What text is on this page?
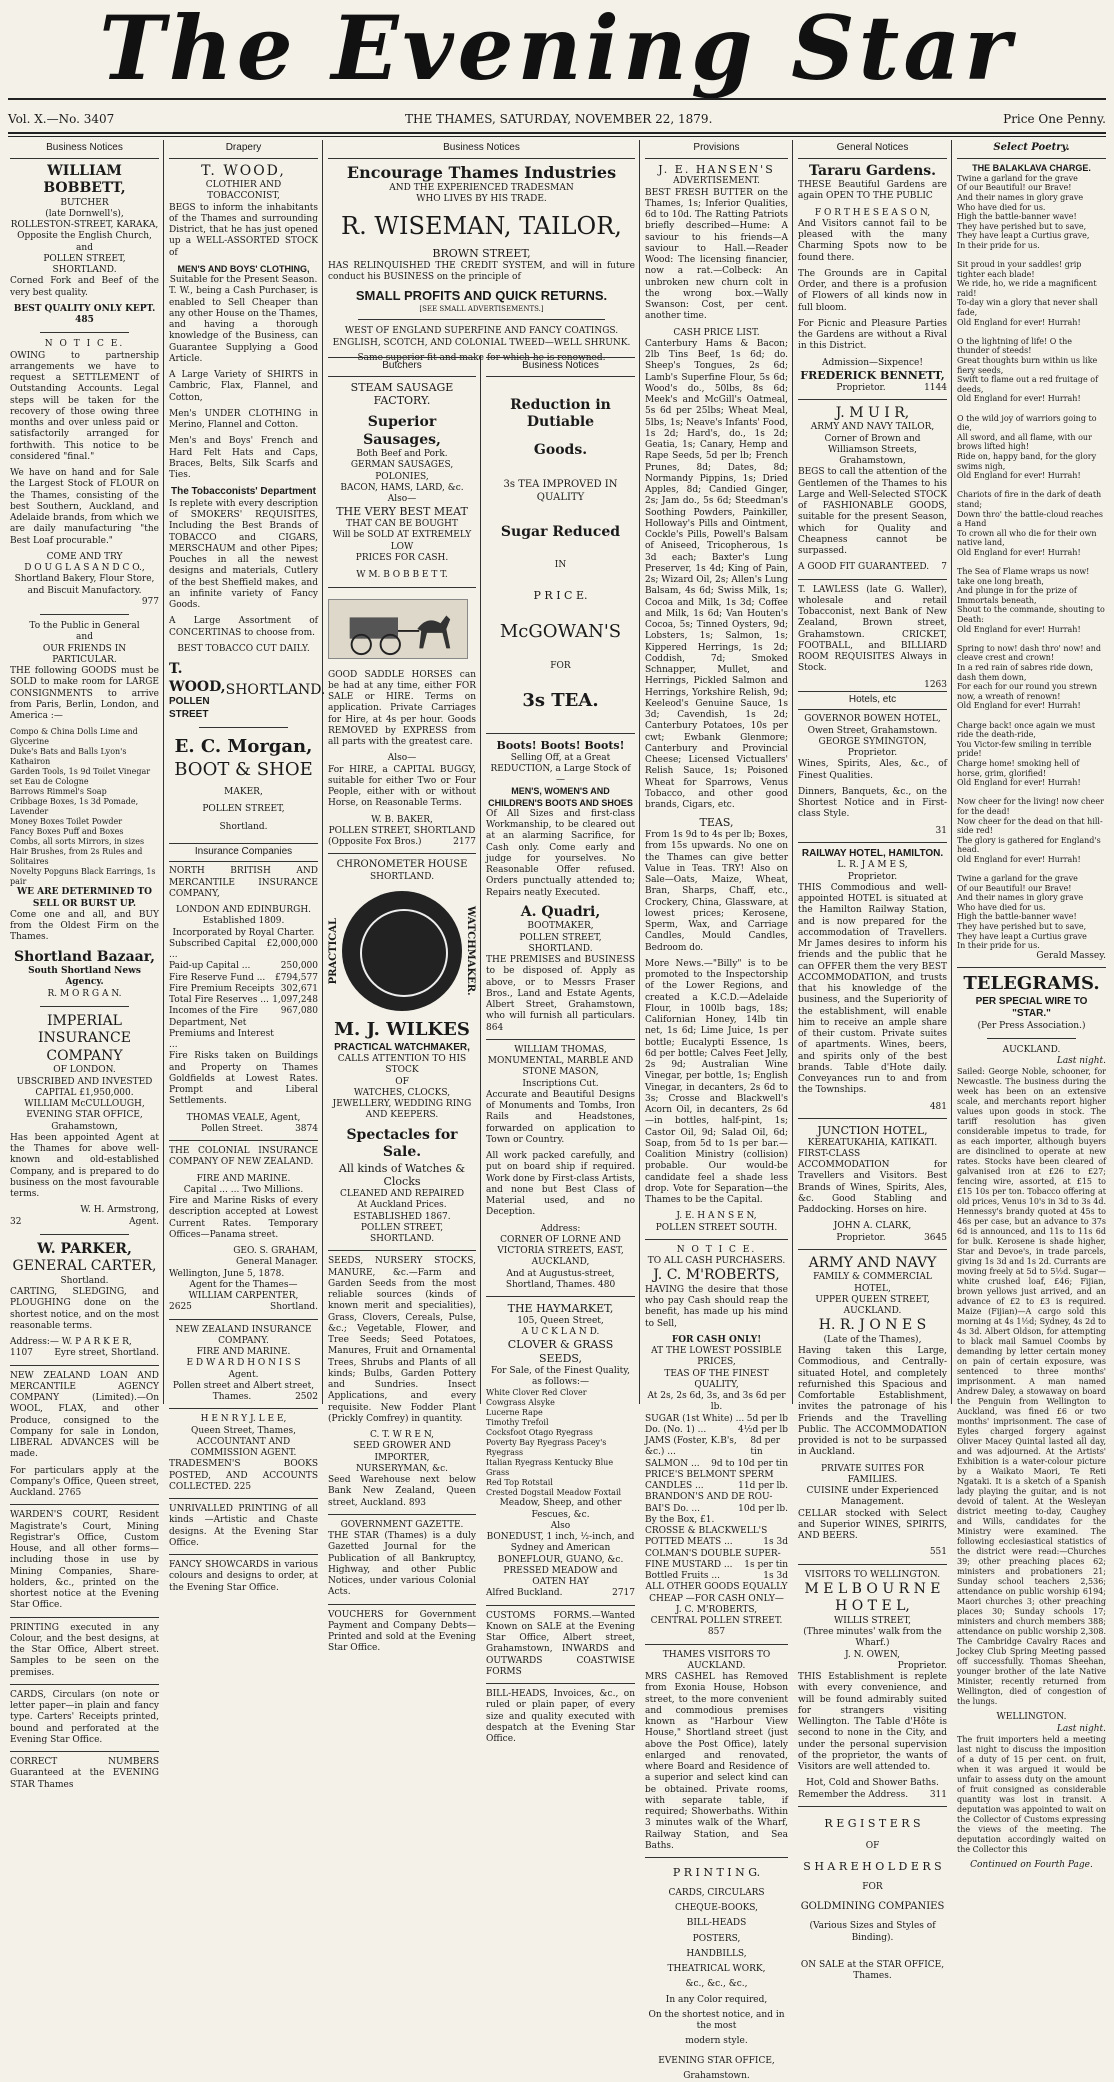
The Evening Star
Vol. X.—No. 3407	THE THAMES, SATURDAY, NOVEMBER 22, 1879.	Price One Penny.
Business Notices
WILLIAM BOBBETT,
BUTCHER
(late Dornwell's),
ROLLESTON-STREET, KARAKA,
Opposite the English Church,
and
POLLEN STREET, SHORTLAND.
Corned Fork and Beef of the very best quality.
BEST QUALITY ONLY KEPT. 485
N O T I C E.
OWING to partnership arrangements we have to request a SETTLEMENT of Outstanding Accounts. Legal steps will be taken for the recovery of those owing three months and over unless paid or satisfactorily arranged for forthwith. This notice to be considered "final."
We have on hand and for Sale the Largest Stock of FLOUR on the Thames, consisting of the best Southern, Auckland, and Adelaide brands, from which we are daily manufacturing "the Best Loaf procurable."
COME AND TRY
D O U G L A S A N D C O.,
Shortland Bakery, Flour Store,
and Biscuit Manufactory.
977
To the Public in General
and
OUR FRIENDS IN PARTICULAR.
THE following GOODS must be SOLD to make room for LARGE CONSIGNMENTS to arrive from Paris, Berlin, London, and America :—
Compo & China Dolls Lime and Glycerine
Duke's Bats and Balls Lyon's Kathairon
Garden Tools, 1s 9d Toilet Vinegar
set Eau de Cologne
Barrows Rimmel's Soap
Cribbage Boxes, 1s 3d Pomade, Lavender
Money Boxes Toilet Powder
Fancy Boxes Puff and Boxes
Combs, all sorts Mirrors, in sizes
Hair Brushes, from 2s Rules and Solitaires
Novelty Popguns Black Earrings, 1s pair
WE ARE DETERMINED TO SELL OR BURST UP.
Come one and all, and BUY from the Oldest Firm on the Thames.
Shortland Bazaar,
South Shortland News Agency.
R. M O R G A N.
IMPERIAL
INSURANCE COMPANY
OF LONDON.
UBSCRIBED AND INVESTED
CAPITAL £1,950,000.
WILLIAM McCULLOUGH,
EVENING STAR OFFICE,
Grahamstown,
Has been appointed Agent at the Thames for above well-known and old-established Company, and is prepared to do business on the most favourable terms.
W. H. Armstrong,
32	Agent.
W. PARKER,
GENERAL CARTER,
Shortland.
CARTING, SLEDGING, and PLOUGHING done on the shortest notice, and on the most reasonable terms.
Address:— W. P A R K E R,
1107 Eyre street, Shortland.
NEW ZEALAND LOAN AND MERCANTILE AGENCY COMPANY (Limited).—On WOOL, FLAX, and other Produce, consigned to the Company for sale in London, LIBERAL ADVANCES will be made.
For particulars apply at the Company's Office, Queen street, Auckland. 2765
WARDEN'S COURT, Resident Magistrate's Court, Mining Registrar's Office, Custom House, and all other forms—including those in use by Mining Companies, Share-holders, &c., printed on the shortest notice at the Evening Star Office.
PRINTING executed in any Colour, and the best designs, at the Star Office, Albert street. Samples to be seen on the premises.
CARDS, Circulars (on note or letter paper—in plain and fancy type. Carters' Receipts printed, bound and perforated at the Evening Star Office.
CORRECT NUMBERS Guaranteed at the EVENING STAR Thames
Drapery
T. WOOD,
CLOTHIER AND TOBACCONIST,
BEGS to inform the inhabitants of the Thames and surrounding District, that he has just opened up a WELL-ASSORTED STOCK of
MEN'S AND BOYS' CLOTHING,
Suitable for the Present Season.
T. W., being a Cash Purchaser, is enabled to Sell Cheaper than any other House on the Thames, and having a thorough knowledge of the Business, can Guarantee Supplying a Good Article.
A Large Variety of SHIRTS in Cambric, Flax, Flannel, and Cotton,
Men's UNDER CLOTHING in Merino, Flannel and Cotton.
Men's and Boys' French and Hard Felt Hats and Caps, Braces, Belts, Silk Scarfs and Ties.
The Tobacconists' Department
Is replete with every description of SMOKERS' REQUISITES, Including the Best Brands of TOBACCO and CIGARS, MERSCHAUM and other Pipes; Pouches in all the newest designs and materials, Cutlery of the best Sheffield makes, and an infinite variety of Fancy Goods.
A Large Assortment of CONCERTINAS to choose from.
BEST TOBACCO CUT DAILY.
T. WOOD,
POLLEN STREET
SHORTLAND.
E. C. Morgan,
BOOT & SHOE
MAKER,
POLLEN STREET,
Shortland.
Insurance Companies
NORTH BRITISH AND MERCANTILE INSURANCE COMPANY,
LONDON AND EDINBURGH.
Established 1809.
Incorporated by Royal Charter.
Subscribed Capital ...
£2,000,000
Paid-up Capital ...	250,000
Fire Reserve Fund ... £794,577
Fire Premium Receipts 302,671
Total Fire Reserves ... 1,097,248
Incomes of the Fire Department, Net Premiums and Interest ...
967,080
Fire Risks taken on Buildings and Property on Thames Goldfields at Lowest Rates. Prompt and Liberal Settlements.
THOMAS VEALE, Agent,
Pollen Street.	3874
THE COLONIAL INSURANCE COMPANY OF NEW ZEALAND.
FIRE AND MARINE.
Capital ... ... Two Millions.
Fire and Marine Risks of every description accepted at Lowest Current Rates. Temporary Offices—Panama street.
GEO. S. GRAHAM,
General Manager.
Wellington, June 5, 1878.
Agent for the Thames—
WILLIAM CARPENTER,
2625	Shortland.
NEW ZEALAND INSURANCE COMPANY.
FIRE AND MARINE.
E D W A R D H O N I S S
Agent.
Pollen street and Albert street,
Thames.	2502
H E N R Y J. L E E,
Queen Street, Thames,
ACCOUNTANT AND COMMISSION AGENT.
TRADESMEN'S BOOKS POSTED, AND ACCOUNTS COLLECTED. 225
UNRIVALLED PRINTING of all kinds —Artistic and Chaste designs. At the Evening Star Office.
FANCY SHOWCARDS in various colours and designs to order, at the Evening Star Office.
Business Notices
Encourage Thames Industries
AND THE EXPERIENCED TRADESMAN
WHO LIVES BY HIS TRADE.
R. WISEMAN, TAILOR,
BROWN STREET,
HAS RELINQUISHED THE CREDIT SYSTEM, and will in future conduct his BUSINESS on the principle of
SMALL PROFITS AND QUICK RETURNS.
[SEE SMALL ADVERTISEMENTS.]
WEST OF ENGLAND SUPERFINE AND FANCY COATINGS. ENGLISH, SCOTCH, AND COLONIAL TWEED—WELL SHRUNK.
Same superior fit and make for which he is renowned.
Butchers
STEAM SAUSAGE FACTORY.
Superior Sausages,
Both Beef and Pork.
GERMAN SAUSAGES, POLONIES,
BACON, HAMS, LARD, &c.
Also—
THE VERY BEST MEAT
THAT CAN BE BOUGHT
Will be SOLD AT EXTREMELY LOW
PRICES FOR CASH.
W M. B O B B E T T.
GOOD SADDLE HORSES can be had at any time, either FOR SALE or HIRE. Terms on application. Private Carriages for Hire, at 4s per hour. Goods REMOVED by EXPRESS from all parts with the greatest care.
Also—
For HIRE, a CAPITAL BUGGY, suitable for either Two or Four People, either with or without Horse, on Reasonable Terms.
W. B. BAKER,
POLLEN STREET, SHORTLAND
(Opposite Fox Bros.)	2177
CHRONOMETER HOUSE
SHORTLAND.
PRACTICAL	WATCHMAKER.
M. J. WILKES
PRACTICAL WATCHMAKER,
CALLS ATTENTION TO HIS STOCK
OF
WATCHES, CLOCKS, JEWELLERY, WEDDING RING AND KEEPERS.
Spectacles for Sale.
All kinds of Watches & Clocks
CLEANED AND REPAIRED
At Auckland Prices.
ESTABLISHED 1867.
POLLEN STREET, SHORTLAND.
SEEDS, NURSERY STOCKS, MANURE, &c.—Farm and Garden Seeds from the most reliable sources (kinds of known merit and specialities), Grass, Clovers, Cereals, Pulse, &c.; Vegetable, Flower, and Tree Seeds; Seed Potatoes, Manures, Fruit and Ornamental Trees, Shrubs and Plants of all kinds; Bulbs, Garden Pottery and Sundries. Insect Applications, and every requisite. New Fodder Plant (Prickly Comfrey) in quantity.
C. T. W R E N,
SEED GROWER AND IMPORTER,
NURSERYMAN, &c.
Seed Warehouse next below Bank New Zealand, Queen street, Auckland. 893
GOVERNMENT GAZETTE.
THE STAR (Thames) is a duly Gazetted Journal for the Publication of all Bankruptcy, Highway, and other Public Notices, under various Colonial Acts.
VOUCHERS for Government Payment and Company Debts—Printed and sold at the Evening Star Office.
Business Notices
Reduction in Dutiable
Goods.
3s TEA IMPROVED IN QUALITY
Sugar Reduced
IN
P R I C E.
McGOWAN'S
FOR
3s TEA.
Boots! Boots! Boots!
Selling Off, at a Great REDUCTION, a Large Stock of—
MEN'S, WOMEN'S AND CHILDREN'S BOOTS AND SHOES
Of All Sizes and first-class Workmanship, to be cleared out at an alarming Sacrifice, for Cash only. Come early and judge for yourselves. No Reasonable Offer refused. Orders punctually attended to; Repairs neatly Executed.
A. Quadri,
BOOTMAKER,
POLLEN STREET, SHORTLAND.
THE PREMISES and BUSINESS to be disposed of. Apply as above, or to Messrs Fraser Bros., Land and Estate Agents, Albert Street, Grahamstown, who will furnish all particulars. 864
WILLIAM THOMAS,
MONUMENTAL, MARBLE AND STONE MASON,
Inscriptions Cut.
Accurate and Beautiful Designs of Monuments and Tombs, Iron Rails and Headstones, forwarded on application to Town or Country.
All work packed carefully, and put on board ship if required. Work done by First-class Artists, and none but Best Class of Material used, and no Deception.
Address:
CORNER OF LORNE AND VICTORIA STREETS, EAST, AUCKLAND,
And at Augustus-street, Shortland, Thames. 480
THE HAYMARKET,
105, Queen Street,
A U C K L A N D.
CLOVER & GRASS SEEDS,
For Sale, of the Finest Quality,
as follows:—
White Clover Red Clover
Cowgrass Alsyke
Lucerne Rape
Timothy Trefoil
Cocksfoot Otago Ryegrass
Poverty Bay Ryegrass Pacey's Ryegrass
Italian Ryegrass Kentucky Blue Grass
Red Top Rotstail
Crested Dogstail Meadow Foxtail
Meadow, Sheep, and other Fescues, &c.
Also
BONEDUST, 1 inch, ½-inch, and Sydney and American BONEFLOUR, GUANO, &c. PRESSED MEADOW and OATEN HAY
Alfred Buckland.	2717
CUSTOMS FORMS.—Wanted Known on SALE at the Evening Star Office, Albert street, Grahamstown, INWARDS and OUTWARDS COASTWISE FORMS
BILL-HEADS, Invoices, &c., on ruled or plain paper, of every size and quality executed with despatch at the Evening Star Office.
Provisions
J. E. HANSEN'S
ADVERTISEMENT.
BEST FRESH BUTTER on the Thames, 1s; Inferior Qualities, 6d to 10d. The Ratting Patriots briefly described—Hume: A saviour to his friends—A saviour to Hall.—Reader Wood: The licensing financier, now a rat.—Colbeck: An unbroken new churn colt in the wrong box.—Wally Swanson: Cost, per cent. another time.
CASH PRICE LIST.
Canterbury Hams & Bacon; 2lb Tins Beef, 1s 6d; do. Sheep's Tongues, 2s 6d; Lamb's Superfine Flour, 5s 6d; Wood's do., 50lbs, 8s 6d; Meek's and McGill's Oatmeal, 5s 6d per 25lbs; Wheat Meal, 5lbs, 1s; Neave's Infants' Food, 1s 2d; Hard's, do., 1s 2d; Geatia, 1s; Canary, Hemp and Rape Seeds, 5d per lb; French Prunes, 8d; Dates, 8d; Normandy Pippins, 1s; Dried Apples, 8d; Candied Ginger, 2s; Jam do., 5s 6d; Steedman's Soothing Powders, Painkiller, Holloway's Pills and Ointment, Cockle's Pills, Powell's Balsam of Aniseed, Tricopherous, 1s 3d each; Baxter's Lung Preserver, 1s 4d; King of Pain, 2s; Wizard Oil, 2s; Allen's Lung Balsam, 4s 6d; Swiss Milk, 1s; Cocoa and Milk, 1s 3d; Coffee and Milk, 1s 6d; Van Houten's Cocoa, 5s; Tinned Oysters, 9d; Lobsters, 1s; Salmon, 1s; Kippered Herrings, 1s 2d; Coddish, 7d; Smoked Schnapper, Mullet, and Herrings, Pickled Salmon and Herrings, Yorkshire Relish, 9d; Keeleod's Genuine Sauce, 1s 3d; Cavendish, 1s 2d; Canterbury Potatoes, 10s per cwt; Ewbank Glenmore; Canterbury and Provincial Cheese; Licensed Victuallers' Relish Sauce, 1s; Poisoned Wheat for Sparrows, Venus Tobacco, and other good brands, Cigars, etc.
TEAS,
From 1s 9d to 4s per lb; Boxes, from 15s upwards. No one on the Thames can give better Value in Teas. TRY! Also on Sale—Oats, Maize, Wheat, Bran, Sharps, Chaff, etc., Crockery, China, Glassware, at lowest prices; Kerosene, Sperm, Wax, and Carriage Candles, Mould Candles, Bedroom do.
More News.—"Billy" is to be promoted to the Inspectorship of the Lower Regions, and created a K.C.D.—Adelaide Flour, in 100lb bags, 18s; Californian Honey, 14lb tin net, 1s 6d; Lime Juice, 1s per bottle; Eucalypti Essence, 1s 6d per bottle; Calves Feet Jelly, 2s 9d; Australian Wine Vinegar, per bottle, 1s; English Vinegar, in decanters, 2s 6d to 3s; Crosse and Blackwell's Acorn Oil, in decanters, 2s 6d—in bottles, half-pint, 1s; Castor Oil, 9d; Salad Oil, 6d; Soap, from 5d to 1s per bar.—Coalition Ministry (collision) probable. Our would-be candidate feel a shade less drop. Vote for Separation—the Thames to be the Capital.
J. E. H A N S E N,
POLLEN STREET SOUTH.
N O T I C E.
TO ALL CASH PURCHASERS.
J. C. M'ROBERTS,
HAVING the desire that those who pay Cash should reap the benefit, has made up his mind to Sell,
FOR CASH ONLY!
AT THE LOWEST POSSIBLE PRICES,
TEAS OF THE FINEST QUALITY,
At 2s, 2s 6d, 3s, and 3s 6d per lb.
SUGAR (1st White) ... 5d per lb
Do. (No. 1) ...	4½d per lb
JAMS (Foster, K.B's, &c.) ...
8d per tin
SALMON ... 9d to 10d per tin
PRICE'S BELMONT SPERM
CANDLES ...	11d per lb.
BRANDON'S AND DE ROU-
BAI'S Do. ...	10d per lb.
By the Box, £1.
CROSSE & BLACKWELL'S
POTTED MEATS ...	1s 3d
COLMAN'S DOUBLE SUPER-
FINE MUSTARD ... 1s per tin
Bottled Fruits ...	1s 3d
ALL OTHER GOODS EQUALLY CHEAP —FOR CASH ONLY—
J. C. M'ROBERTS,
CENTRAL POLLEN STREET. 857
THAMES VISITORS TO AUCKLAND.
MRS CASHEL has Removed from Exonia House, Hobson street, to the more convenient and commodious premises known as "Harbour View House," Shortland street (just above the Post Office), lately enlarged and renovated, where Board and Residence of a superior and select kind can be obtained. Private rooms, with separate table, if required; Showerbaths. Within 3 minutes walk of the Wharf, Railway Station, and Sea Baths.
P R I N T I N G.
CARDS, CIRCULARS
CHEQUE-BOOKS,
BILL-HEADS
POSTERS,
HANDBILLS,
THEATRICAL WORK,
&c., &c., &c.,
In any Color required,
On the shortest notice, and in the most
modern style.
EVENING STAR OFFICE,
Grahamstown.
General Notices
Tararu Gardens.
THESE Beautiful Gardens are again OPEN TO THE PUBLIC
F O R T H E S E A S O N,
And Visitors cannot fail to be pleased with the many Charming Spots now to be found there.
The Grounds are in Capital Order, and there is a profusion of Flowers of all kinds now in full bloom.
For Picnic and Pleasure Parties the Gardens are without a Rival in this District.
Admission—Sixpence!
FREDERICK BENNETT,
Proprietor.	1144
J. M U I R,
ARMY AND NAVY TAILOR,
Corner of Brown and Williamson Streets, Grahamstown,
BEGS to call the attention of the Gentlemen of the Thames to his Large and Well-Selected STOCK of FASHIONABLE GOODS, suitable for the present Season, which for Quality and Cheapness cannot be surpassed.
A GOOD FIT GUARANTEED. 7
T. LAWLESS (late G. Waller), wholesale and retail Tobacconist, next Bank of New Zealand, Brown street, Grahamstown. CRICKET, FOOTBALL, and BILLIARD ROOM REQUISITES Always in Stock.
1263
Hotels, etc
GOVERNOR BOWEN HOTEL,
Owen Street, Grahamstown.
GEORGE SYMINGTON,
Proprietor.
Wines, Spirits, Ales, &c., of Finest Qualities.
Dinners, Banquets, &c., on the Shortest Notice and in First-class Style.
31
RAILWAY HOTEL, HAMILTON.
L. R. J A M E S,
Proprietor.
THIS Commodious and well-appointed HOTEL is situated at the Hamilton Railway Station, and is now prepared for the accommodation of Travellers. Mr James desires to inform his friends and the public that he can OFFER them the very BEST ACCOMMODATION, and trusts that his knowledge of the business, and the Superiority of the establishment, will enable him to receive an ample share of their custom. Private suites of apartments. Wines, beers, and spirits only of the best brands. Table d'Hote daily. Conveyances run to and from the Townships.
481
JUNCTION HOTEL,
KEREATUKAHIA, KATIKATI.
FIRST-CLASS ACCOMMODATION for Travellers and Visitors. Best Brands of Wines, Spirits, Ales, &c. Good Stabling and Paddocking. Horses on hire.
JOHN A. CLARK,
Proprietor.	3645
ARMY AND NAVY
FAMILY & COMMERCIAL
HOTEL,
UPPER QUEEN STREET, AUCKLAND.
H. R. J O N E S
(Late of the Thames),
Having taken this Large, Commodious, and Centrally-situated Hotel, and completely refurnished this Spacious and Comfortable Establishment, invites the patronage of his Friends and the Travelling Public. The ACCOMMODATION provided is not to be surpassed in Auckland.
PRIVATE SUITES FOR FAMILIES.
CUISINE under Experienced Management.
CELLAR stocked with Select and Superior WINES, SPIRITS, AND BEERS.
551
VISITORS TO WELLINGTON.
M E L B O U R N E H O T E L,
WILLIS STREET,
(Three minutes' walk from the Wharf.)
J. N. OWEN,
Proprietor.
THIS Establishment is replete with every convenience, and will be found admirably suited for strangers visiting Wellington. The Table d'Hôte is second to none in the City, and under the personal supervision of the proprietor, the wants of Visitors are well attended to.
Hot, Cold and Shower Baths.
Remember the Address. 311
R E G I S T E R S
OF
S H A R E H O L D E R S
FOR
GOLDMINING COMPANIES
(Various Sizes and Styles of Binding).
ON SALE at the STAR OFFICE,
Thames.
Select Poetry.
THE BALAKLAVA CHARGE.
Twine a garland for the grave
Of our Beautiful! our Brave!
And their names in glory grave
Who have died for us.
High the battle-banner wave!
They have perished but to save,
They have leapt a Curtius grave,
In their pride for us.

Sit proud in your saddles! grip tighter each blade!
We ride, ho, we ride a magnificent raid!
To-day win a glory that never shall fade,
Old England for ever! Hurrah!

O the lightning of life! O the thunder of steeds!
Great thoughts burn within us like fiery seeds,
Swift to flame out a red fruitage of deeds,
Old England for ever! Hurrah!

O the wild joy of warriors going to die,
All sword, and all flame, with our brows lifted high!
Ride on, happy band, for the glory swims nigh,
Old England for ever! Hurrah!

Chariots of fire in the dark of death stand;
Down thro' the battle-cloud reaches a Hand
To crown all who die for their own native land,
Old England for ever! Hurrah!

The Sea of Flame wraps us now! take one long breath,
And plunge in for the prize of Immortals beneath,
Shout to the commande, shouting to Death:
Old England for ever! Hurrah!

Spring to now! dash thro' now! and cleave crest and crown!
In a red rain of sabres ride down, dash them down,
For each for our round you strewn now, a wreath of renown!
Old England for ever! Hurrah!

Charge back! once again we must ride the death-ride,
You Victor-few smiling in terrible pride!
Charge home! smoking hell of horse, grim, glorified!
Old England for ever! Hurrah!

Now cheer for the living! now cheer for the dead!
Now cheer for the dead on that hill-side red!
The glory is gathered for England's head.
Old England for ever! Hurrah!

Twine a garland for the grave
Of our Beautiful! our Brave!
And their names in glory grave
Who have died for us.
High the battle-banner wave!
They have perished but to save,
They have leapt a Curtius grave
In their pride for us.
Gerald Massey.
TELEGRAMS.
PER SPECIAL WIRE TO "STAR."
(Per Press Association.)
AUCKLAND.
Last night.
Sailed: George Noble, schooner, for Newcastle. The business during the week has been on an extensive scale, and merchants report higher values upon goods in stock. The tariff resolution has given considerable impetus to trade, for as each importer, although buyers are disinclined to operate at new rates. Stocks have been cleared of galvanised iron at £26 to £27; fencing wire, assorted, at £15 to £15 10s per ton. Tobacco offering at old prices, Venus 10's in 3d to 3s 4d. Hennessy's brandy quoted at 45s to 46s per case, but an advance to 37s 6d is announced, and 11s to 11s 6d for bulk. Kerosene is shade higher, Star and Devoe's, in trade parcels, giving 1s 3d and 1s 2d. Currants are moving freely at 5d to 5½d. Sugar—white crushed loaf, £46; Fijian, brown yellows just arrived, and an advance of £2 to £3 is required. Maize (Fijian)—A cargo sold this morning at 4s 1½d; Sydney, 4s 2d to 4s 3d. Albert Oldson, for attempting to black mail Samuel Coombs by demanding by letter certain money on pain of certain exposure, was sentenced to three months' imprisonment. A man named Andrew Daley, a stowaway on board the Penguin from Wellington to Auckland, was fined £6 or two months' imprisonment. The case of Eyles charged forgery against Oliver Macey Quintal lasted all day, and was adjourned. At the Artists' Exhibition is a water-colour picture by a Waikato Maori, Te Reti Ngataki. It is a sketch of a Spanish lady playing the guitar, and is not devoid of talent. At the Wesleyan district meeting to-day, Caughey and Wills, candidates for the Ministry were examined. The following ecclesiastical statistics of the district were read:—Churches 39; other preaching places 62; ministers and probationers 21; Sunday school teachers 2,536; attendance on public worship 6194; Maori churches 3; other preaching places 30; Sunday schools 17; ministers and church members 388; attendance on public worship 2,308. The Cambridge Cavalry Races and Jockey Club Spring Meeting passed off successfully. Thomas Sheehan, younger brother of the late Native Minister, recently returned from Wellington, died of congestion of the lungs.
WELLINGTON.
Last night.
The fruit importers held a meeting last night to discuss the imposition of a duty of 15 per cent. on fruit, when it was argued it would be unfair to assess duty on the amount of fruit consigned as considerable quantity was lost in transit. A deputation was appointed to wait on the Collector of Customs expressing the views of the meeting. The deputation accordingly waited on the Collector this
Continued on Fourth Page.
